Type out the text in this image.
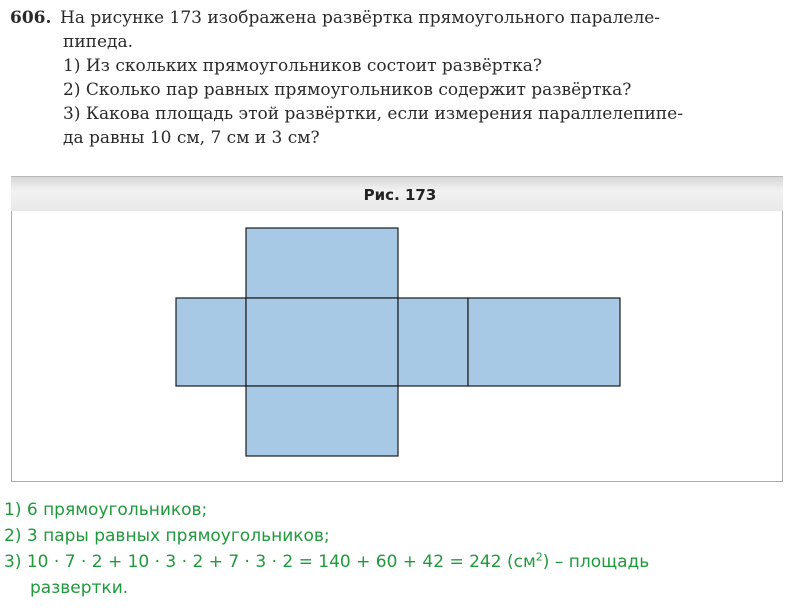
606. На рисунке 173 изображена развёртка прямоугольного паралеле-
пипеда.
1) Из скольких прямоугольников состоит развёртка?
2) Сколько пар равных прямоугольников содержит развёртка?
3) Какова площадь этой развёртки, если измерения параллелепипе-
да равны 10 см, 7 см и 3 см?
Рис. 173
1) 6 прямоугольников;
2) 3 пары равных прямоугольников;
3) 10 · 7 · 2 + 10 · 3 · 2 + 7 · 3 · 2 = 140 + 60 + 42 = 242 $(см^2)$ – площадь
развертки.
